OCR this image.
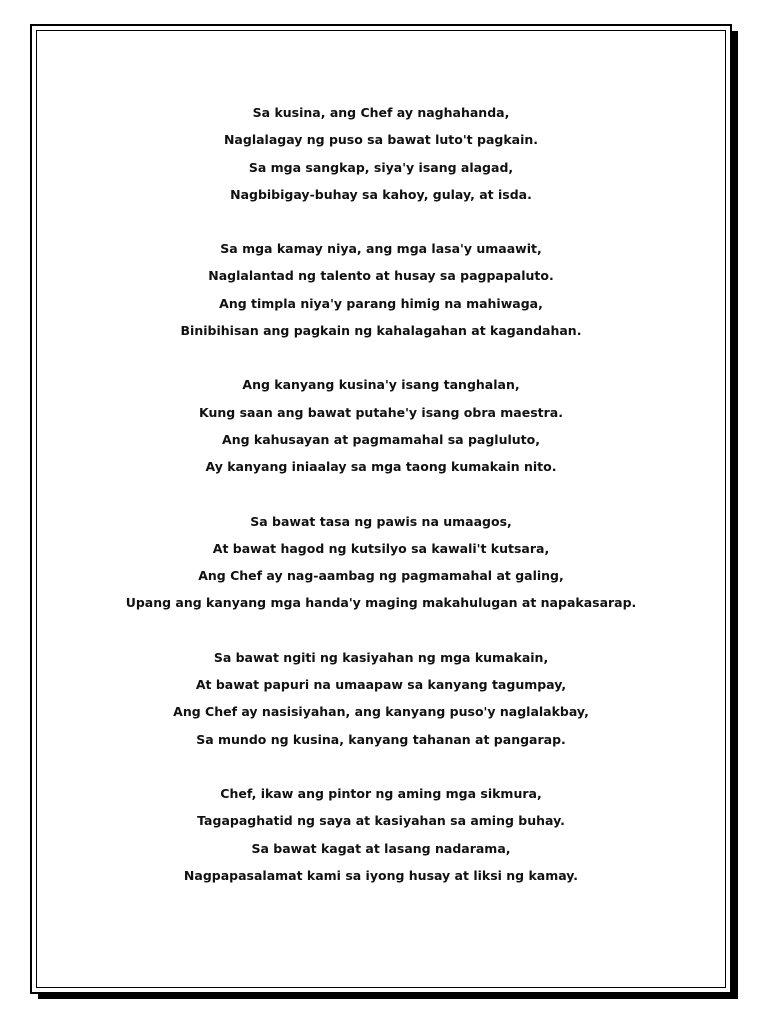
Sa kusina, ang Chef ay naghahanda,
Naglalagay ng puso sa bawat luto't pagkain.
Sa mga sangkap, siya'y isang alagad,
Nagbibigay-buhay sa kahoy, gulay, at isda.
Sa mga kamay niya, ang mga lasa'y umaawit,
Naglalantad ng talento at husay sa pagpapaluto.
Ang timpla niya'y parang himig na mahiwaga,
Binibihisan ang pagkain ng kahalagahan at kagandahan.
Ang kanyang kusina'y isang tanghalan,
Kung saan ang bawat putahe'y isang obra maestra.
Ang kahusayan at pagmamahal sa pagluluto,
Ay kanyang iniaalay sa mga taong kumakain nito.
Sa bawat tasa ng pawis na umaagos,
At bawat hagod ng kutsilyo sa kawali't kutsara,
Ang Chef ay nag-aambag ng pagmamahal at galing,
Upang ang kanyang mga handa'y maging makahulugan at napakasarap.
Sa bawat ngiti ng kasiyahan ng mga kumakain,
At bawat papuri na umaapaw sa kanyang tagumpay,
Ang Chef ay nasisiyahan, ang kanyang puso'y naglalakbay,
Sa mundo ng kusina, kanyang tahanan at pangarap.
Chef, ikaw ang pintor ng aming mga sikmura,
Tagapaghatid ng saya at kasiyahan sa aming buhay.
Sa bawat kagat at lasang nadarama,
Nagpapasalamat kami sa iyong husay at liksi ng kamay.
